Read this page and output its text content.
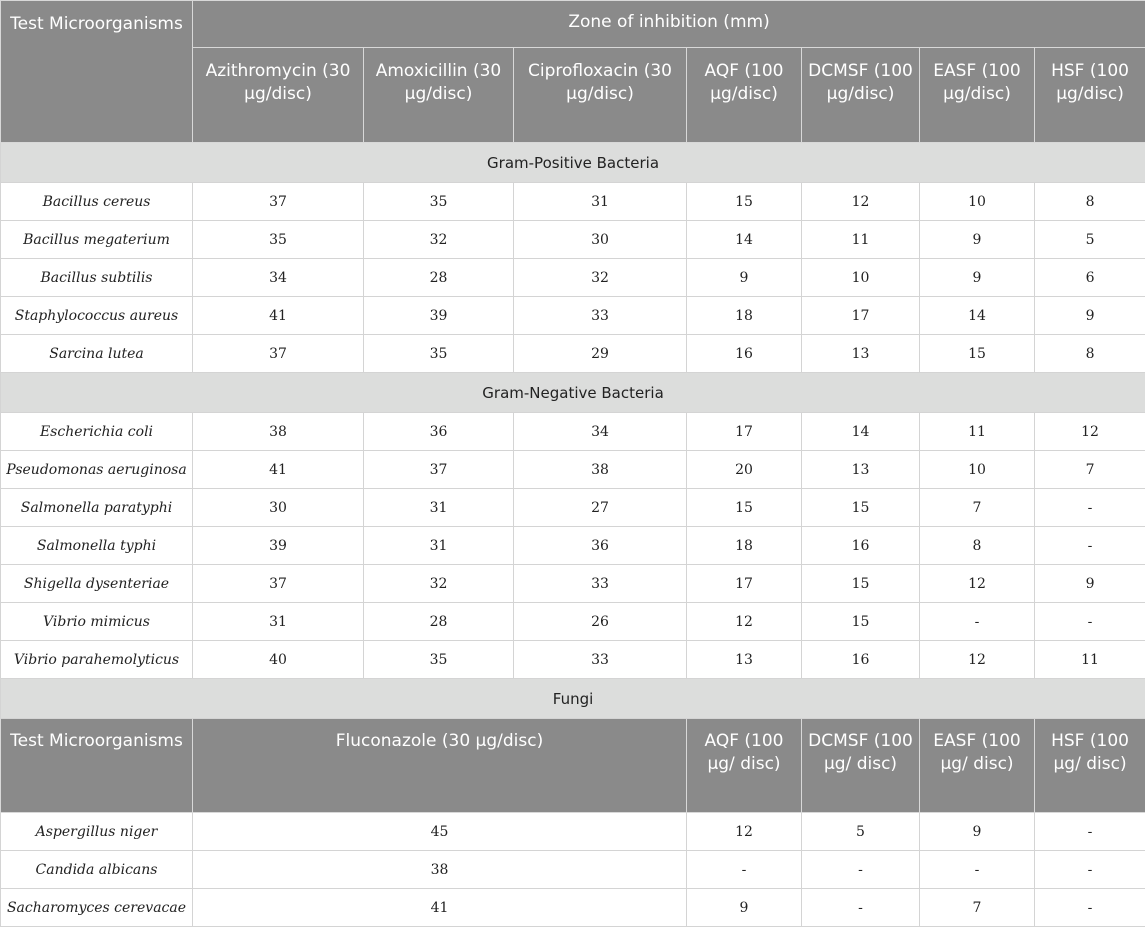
Test Microorganisms	Zone of inhibition (mm)						
	Azithromycin (30 µg/disc)	Amoxicillin (30 µg/disc)	Ciprofloxacin (30 µg/disc)	AQF (100 µg/disc)	DCMSF (100 µg/disc)	EASF (100 µg/disc)	HSF (100 µg/disc)
Gram-Positive Bacteria							
Bacillus cereus	37	35	31	15	12	10	8
Bacillus megaterium	35	32	30	14	11	9	5
Bacillus subtilis	34	28	32	9	10	9	6
Staphylococcus aureus	41	39	33	18	17	14	9
Sarcina lutea	37	35	29	16	13	15	8
Gram-Negative Bacteria							
Escherichia coli	38	36	34	17	14	11	12
Pseudomonas aeruginosa	41	37	38	20	13	10	7
Salmonella paratyphi	30	31	27	15	15	7	-
Salmonella typhi	39	31	36	18	16	8	-
Shigella dysenteriae	37	32	33	17	15	12	9
Vibrio mimicus	31	28	26	12	15	-	-
Vibrio parahemolyticus	40	35	33	13	16	12	11
Fungi							
Test Microorganisms	Fluconazole (30 µg/disc)			AQF (100 µg/ disc)	DCMSF (100 µg/ disc)	EASF (100 µg/ disc)	HSF (100 µg/ disc)
Aspergillus niger	45			12	5	9	-
Candida albicans	38			-	-	-	-
Sacharomyces cerevacae	41			9	-	7	-
